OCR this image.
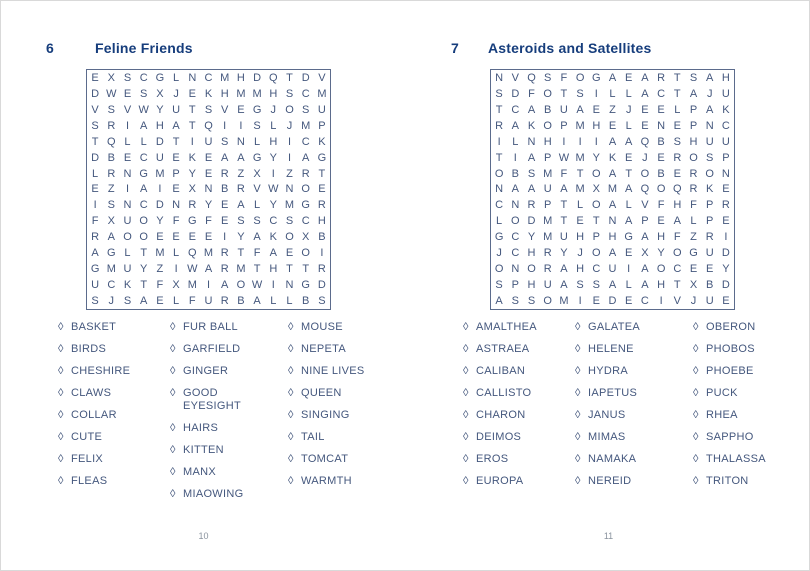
6	Feline Friends
E X S C G L N C M H D Q T D V
D W E S X J E K H M M H S C M
V S V W Y U T S V E G J O S U
S R I	A H A T Q I	I	S L J M P
T Q L L D T	I U S N L H I C K
D B E C U E K E A A G Y	I	A G
L R N G M P Y E R Z X I	Z R T
E Z	I	A	I	E X N B R V W N O E
I S N C D N R Y E A L Y M G R
F X U O Y F G F E S S C S C H
R A O O E E E E	I	Y A K O X B
A G L T M L Q M R T F A E O I
G M U Y Z	I W A R M T H T T R
U C K T F X M I	A O W I N G D
S J S A E L F U R B A L L B S
◊ BASKET
◊ BIRDS
◊ CHESHIRE
◊ CLAWS
◊ COLLAR
◊ CUTE
◊ FELIX
◊ FLEAS
◊ FUR BALL
◊ GARFIELD
◊ GINGER
◊ GOOD EYESIGHT
◊ HAIRS
◊ KITTEN
◊ MANX
◊ MIAOWING
◊ MOUSE
◊ NEPETA
◊ NINE LIVES
◊ QUEEN
◊ SINGING
◊ TAIL
◊ TOMCAT
◊ WARMTH
10
7 Asteroids and Satellites
N V Q S F O G A E A R T S A H
S D F O T S I	L L A C T A J U
T C A B U A E Z J E E L P A K
R A K O P M H E L E N E P N C
I	L N H I	I	I	A A Q B S H U U
T	I	A P W M Y K E J E R O S P
O B S M F T O A T O B E R O N
N A A U A M X M A Q O Q R K E
C N R P T L O A L V F H F P R
L O D M T E T N A P E A L P E
G C Y M U H P H G A H F Z R I
J C H R Y J O A E X Y O G U D
O N O R A H C U I	A O C E E Y
S P H U A S S A L A H T X B D
A S S O M I E D E C I V J U E
◊ AMALTHEA
◊ ASTRAEA
◊ CALIBAN
◊ CALLISTO
◊ CHARON
◊ DEIMOS
◊ EROS
◊ EUROPA
◊ GALATEA
◊ HELENE
◊ HYDRA
◊ IAPETUS
◊ JANUS
◊ MIMAS
◊ NAMAKA
◊ NEREID
◊ OBERON
◊ PHOBOS
◊ PHOEBE
◊ PUCK
◊ RHEA
◊ SAPPHO
◊ THALASSA
◊ TRITON
11
